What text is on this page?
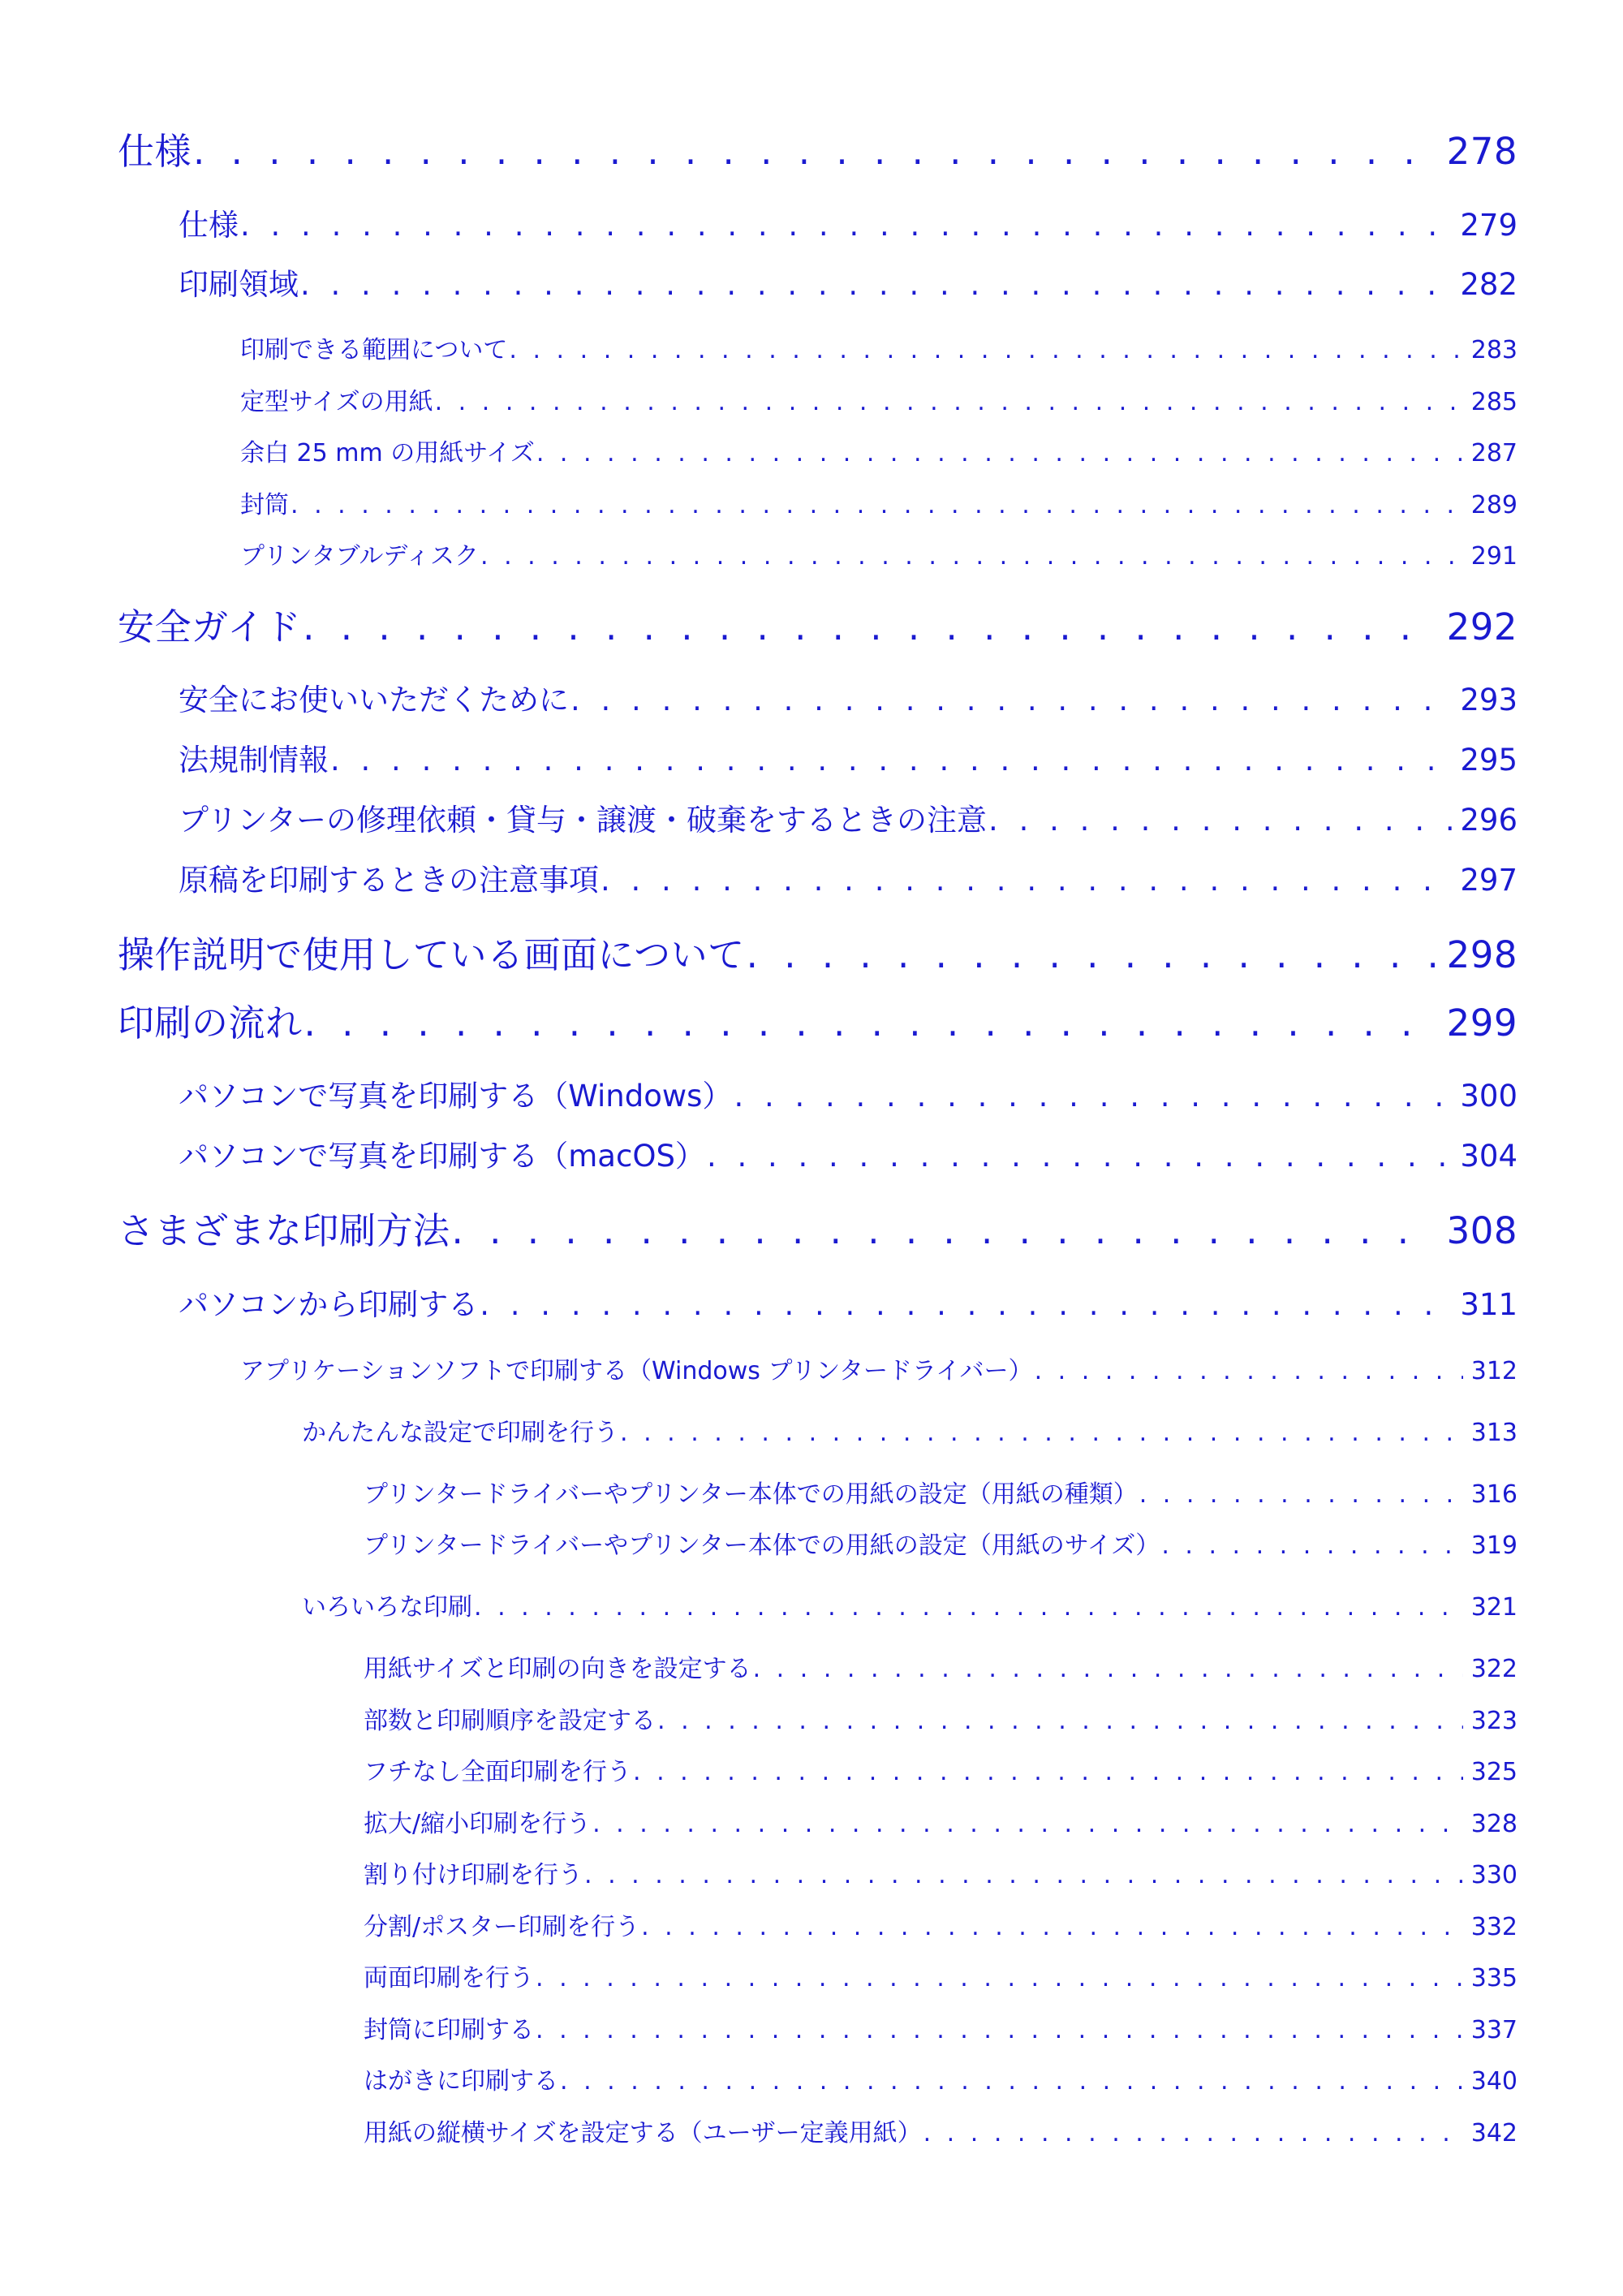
仕様 . . .	278
仕様 . . .	279
印刷領域 . . .	282
印刷できる範囲について . . .	283
定型サイズの用紙 . . .	285
余白 25 mm の用紙サイズ . . .	287
封筒 . . .	289
プリンタブルディスク . . .	291
安全ガイド . . .	292
安全にお使いいただくために . . .	293
法規制情報 . . .	295
プリンターの修理依頼・貸与・譲渡・破棄をするときの注意 . . .	296
原稿を印刷するときの注意事項 . . .	297
操作説明で使用している画面について . . .	298
印刷の流れ . . .	299
パソコンで写真を印刷する（Windows） . . .	300
パソコンで写真を印刷する（macOS） . . .	304
さまざまな印刷方法 . . .	308
パソコンから印刷する . . .	311
アプリケーションソフトで印刷する（Windows プリンタードライバー） . . .	312
かんたんな設定で印刷を行う . . .	313
プリンタードライバーやプリンター本体での用紙の設定（用紙の種類） . . .	316
プリンタードライバーやプリンター本体での用紙の設定（用紙のサイズ） . . .	319
いろいろな印刷 . . .	321
用紙サイズと印刷の向きを設定する . . .	322
部数と印刷順序を設定する . . .	323
フチなし全面印刷を行う . . .	325
拡大/縮小印刷を行う . . .	328
割り付け印刷を行う . . .	330
分割/ポスター印刷を行う . . .	332
両面印刷を行う . . .	335
封筒に印刷する . . .	337
はがきに印刷する . . .	340
用紙の縦横サイズを設定する（ユーザー定義用紙） . . .	342
